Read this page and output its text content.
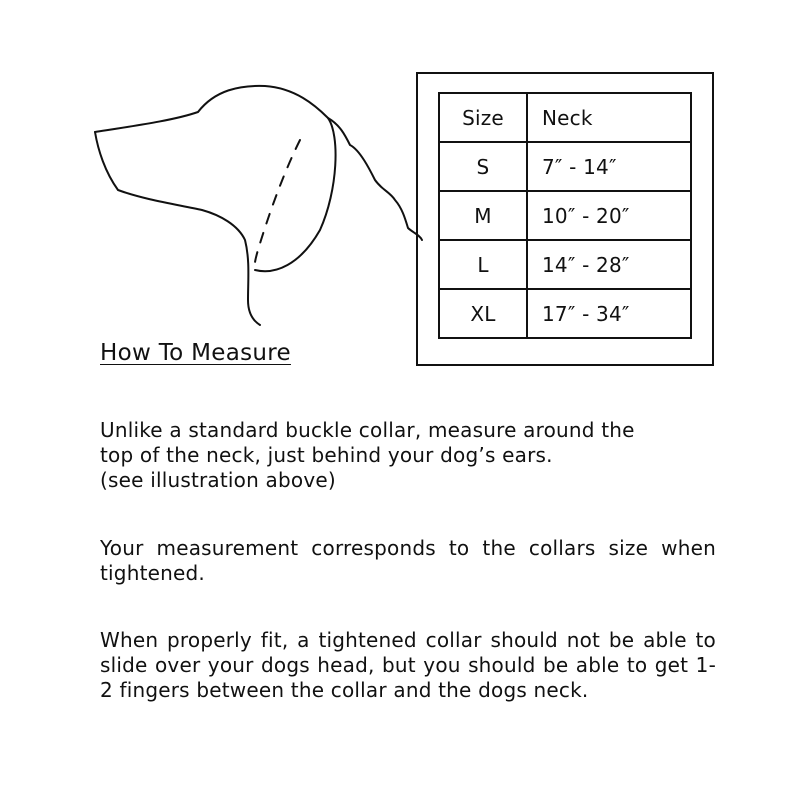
Size	Neck
S	7″ - 14″
M	10″ - 20″
L	14″ - 28″
XL	17″ - 34″
How To Measure

Unlike a standard buckle collar, measure around the
top of the neck, just behind your dog’s ears.
(see illustration above)

Your measurement corresponds to the collars size when tightened.

When properly fit, a tightened collar should not be able to slide over your dogs head, but you should be able to get 1-2 fingers between the collar and the dogs neck.
